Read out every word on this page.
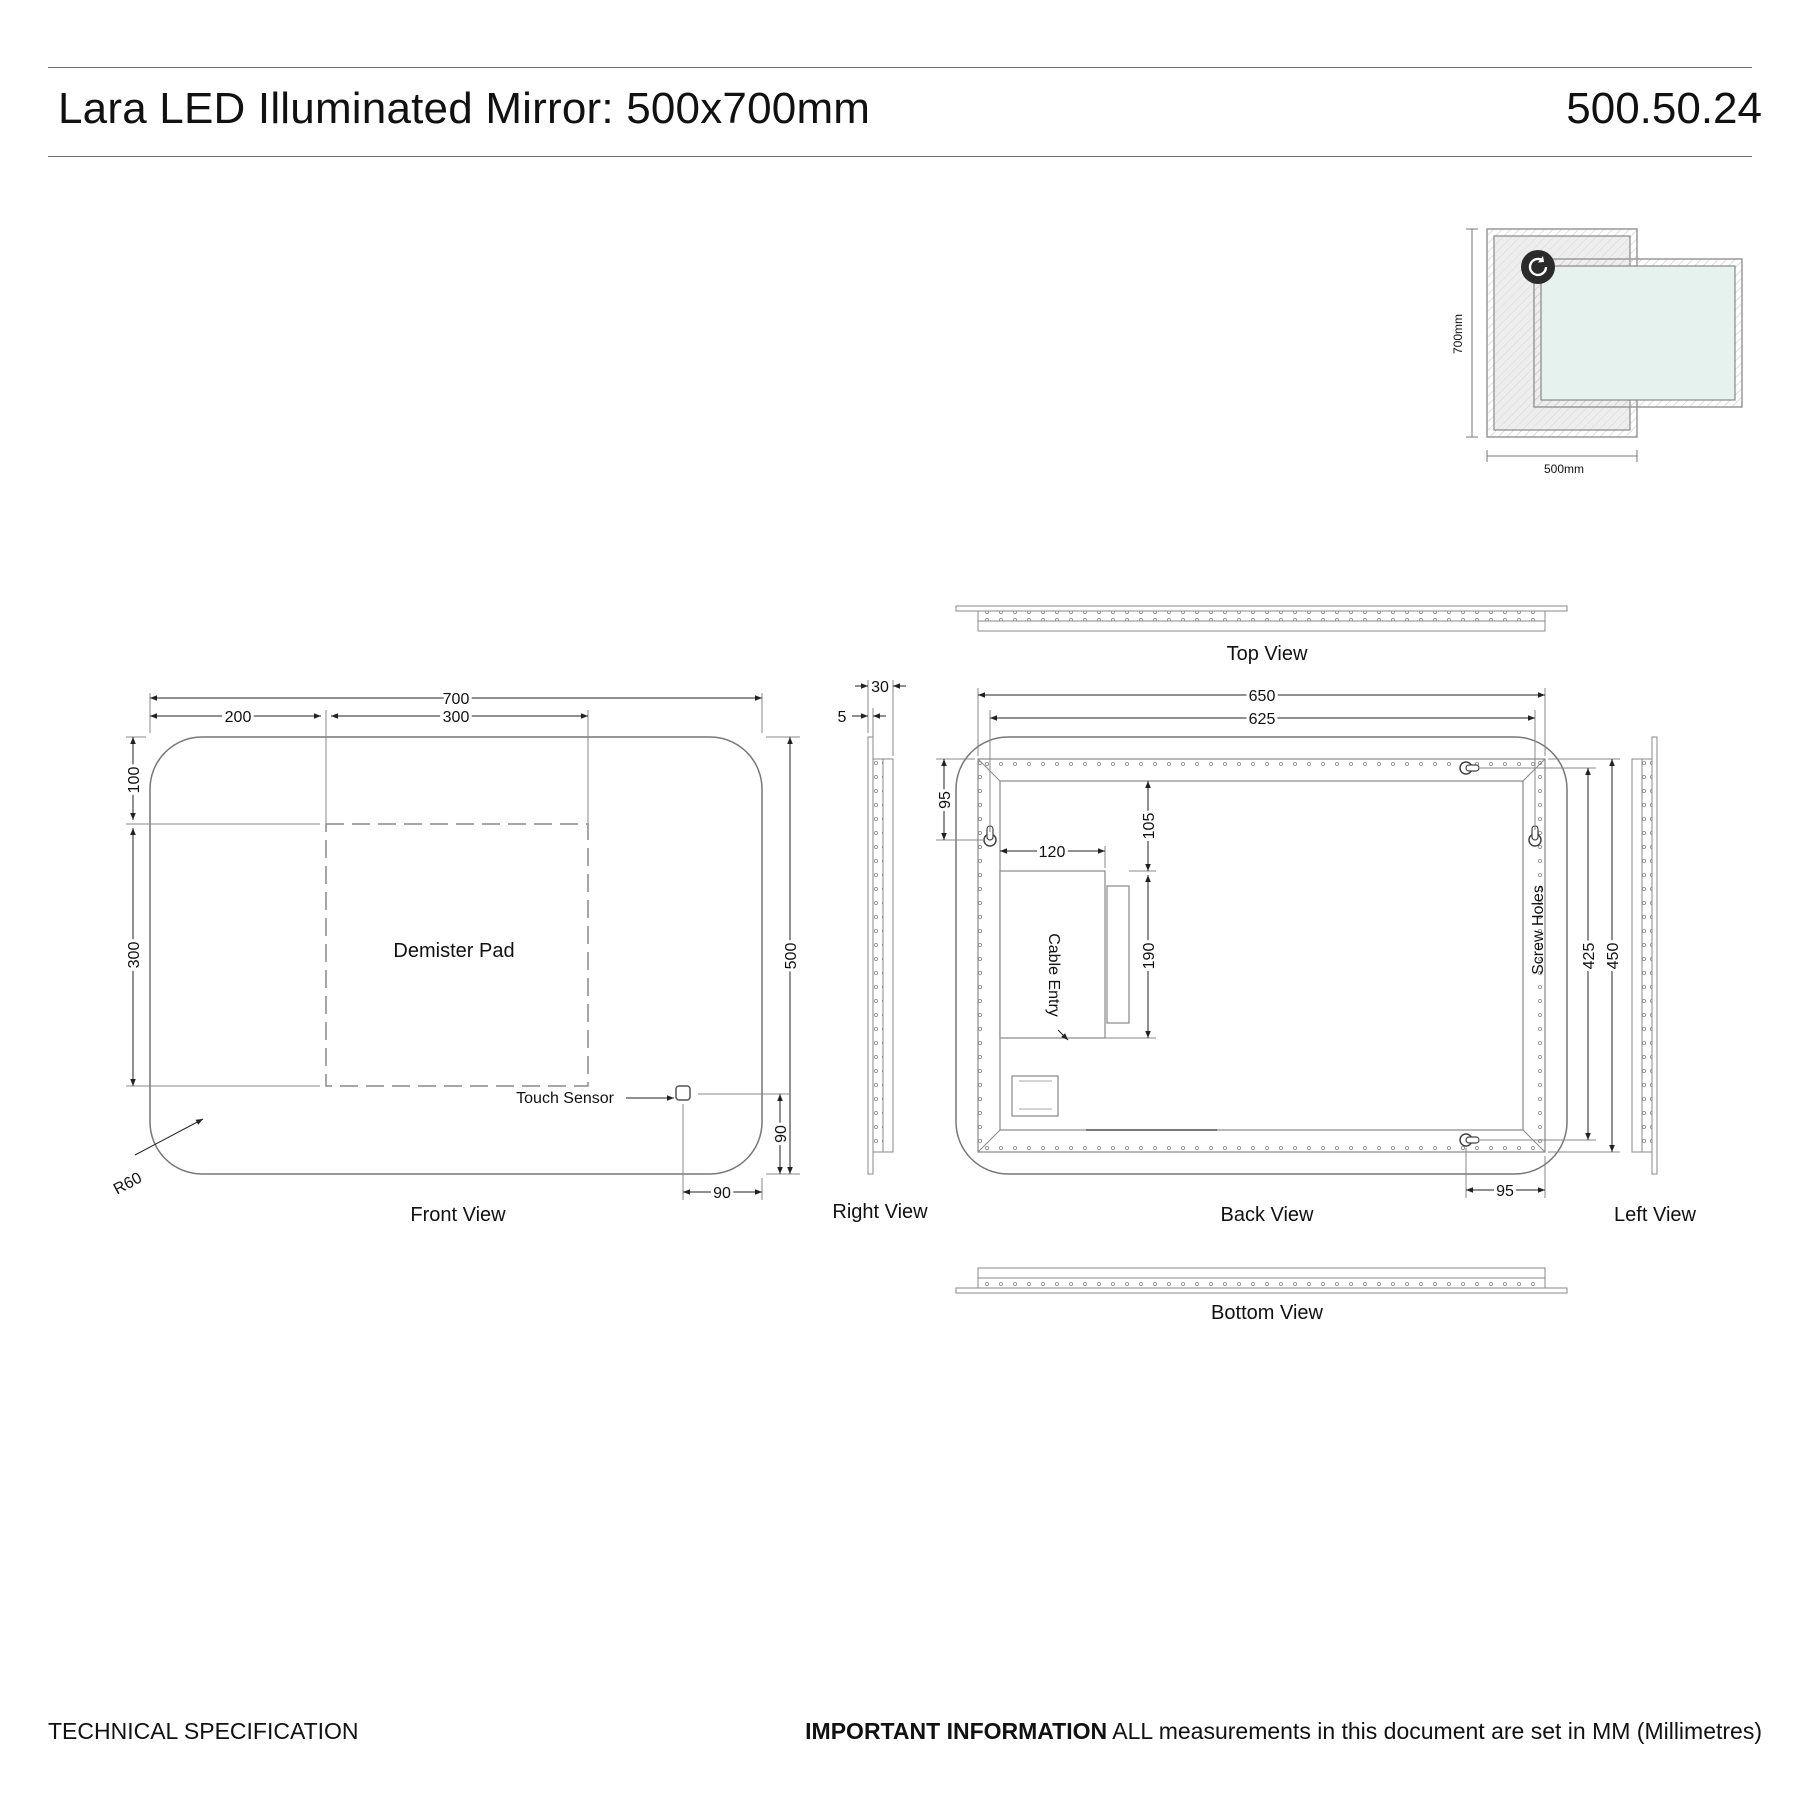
Lara LED Illuminated Mirror: 500x700mm	500.50.24
700mm
500mm
Top View
Demister Pad
Touch Sensor
R60
700
200	300
100
300	500
90
90
Front View
30
5
Right View
Screw Holes
Cable Entry
650
625
95
120
105
190	425 450
95
Back View	Left View
Bottom View
TECHNICAL SPECIFICATION	IMPORTANT INFORMATION ALL measurements in this document are set in MM (Millimetres)
